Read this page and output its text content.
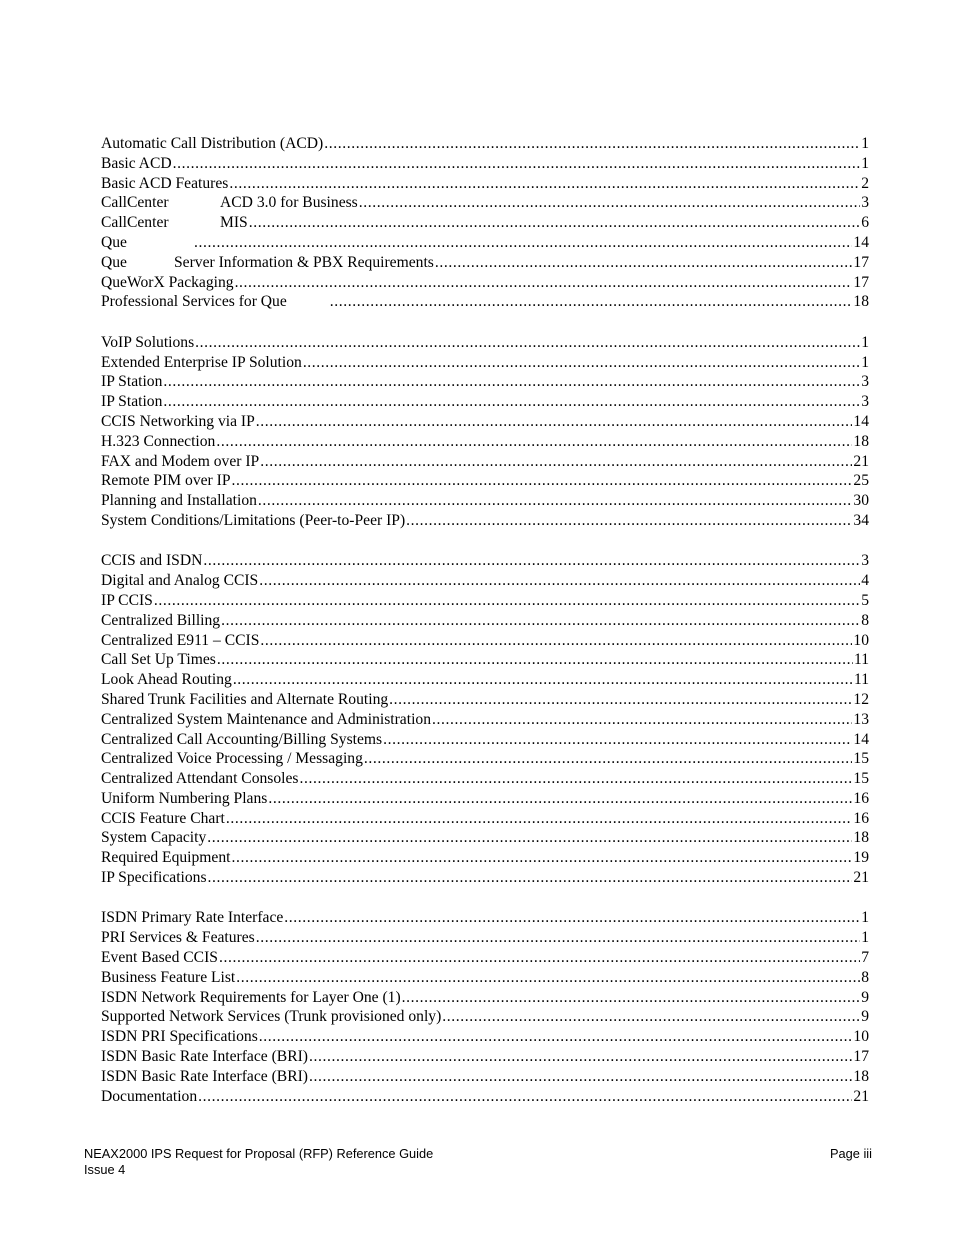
Automatic Call Distribution (ACD) .....	1
Basic ACD .....	1
Basic ACD Features .....	2
CallCenter	ACD 3.0 for Business .....	3
CallCenter	MIS .....	6
Que .....	14
Que	Server Information & PBX Requirements .....	17
QueWorX Packaging .....	17
Professional Services for Que .....	18
VoIP Solutions .....	1
Extended Enterprise IP Solution .....	1
IP Station .....	3
IP Station .....	3
CCIS Networking via IP .....	14
H.323 Connection .....	18
FAX and Modem over IP .....	21
Remote PIM over IP .....	25
Planning and Installation .....	30
System Conditions/Limitations (Peer-to-Peer IP) .....	34
CCIS and ISDN .....	3
Digital and Analog CCIS .....	4
IP CCIS .....	5
Centralized Billing .....	8
Centralized E911 – CCIS .....	10
Call Set Up Times .....	11
Look Ahead Routing .....	11
Shared Trunk Facilities and Alternate Routing .....	12
Centralized System Maintenance and Administration .....	13
Centralized Call Accounting/Billing Systems .....	14
Centralized Voice Processing / Messaging .....	15
Centralized Attendant Consoles .....	15
Uniform Numbering Plans .....	16
CCIS Feature Chart .....	16
System Capacity .....	18
Required Equipment .....	19
IP Specifications .....	21
ISDN Primary Rate Interface .....	1
PRI Services & Features .....	1
Event Based CCIS .....	7
Business Feature List .....	8
ISDN Network Requirements for Layer One (1) .....	9
Supported Network Services (Trunk provisioned only) .....	9
ISDN PRI Specifications .....	10
ISDN Basic Rate Interface (BRI) .....	17
ISDN Basic Rate Interface (BRI) .....	18
Documentation .....	21
NEAX2000 IPS Request for Proposal (RFP) Reference Guide
Issue 4
Page iii
